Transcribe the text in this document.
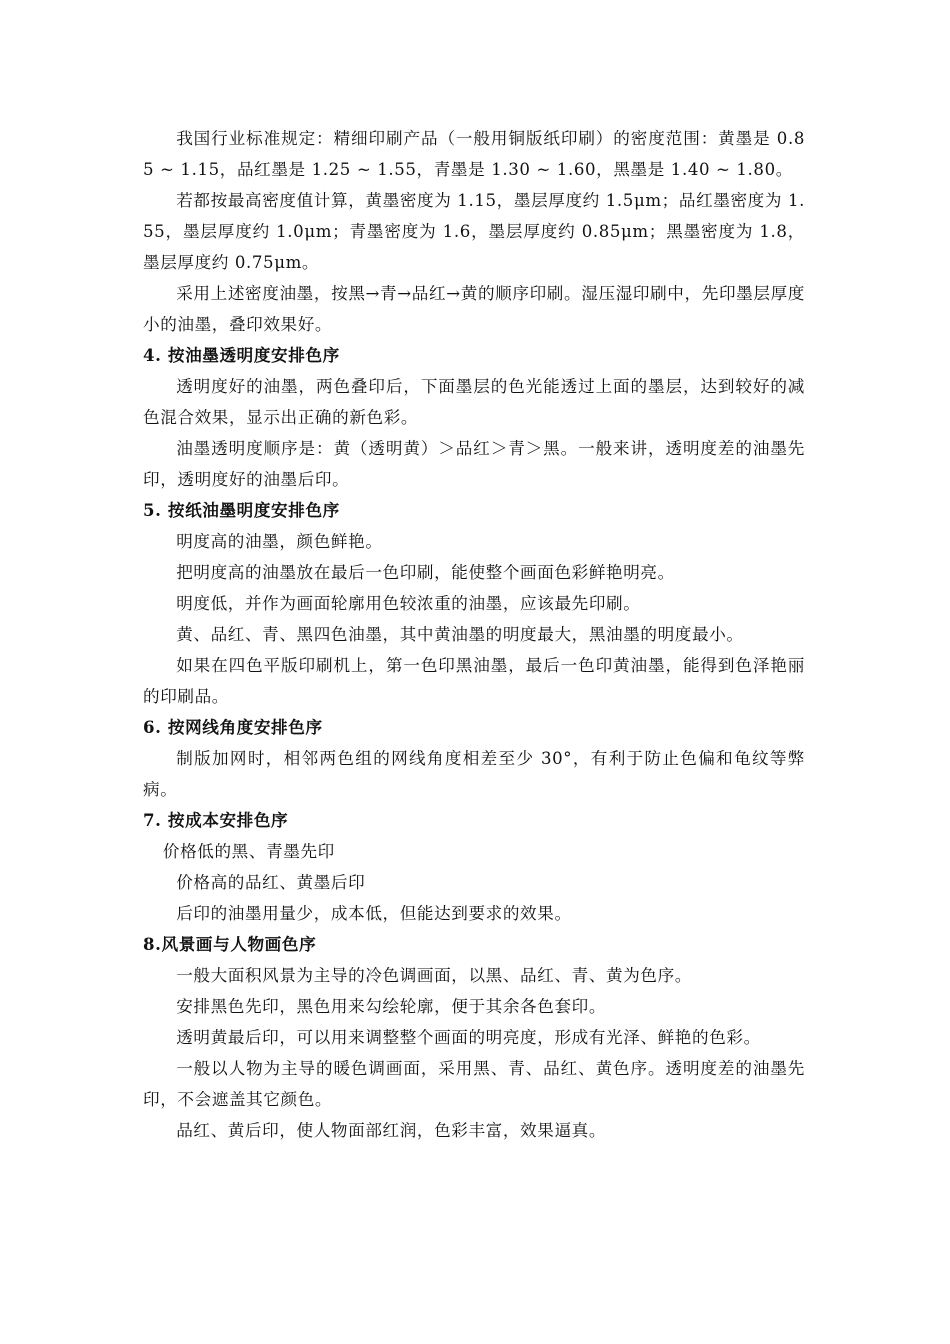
我国行业标准规定：精细印刷产品（一般用铜版纸印刷）的密度范围：黄墨是 0.85 ~ 1.15，品红墨是 1.25 ~ 1.55，青墨是 1.30 ~ 1.60，黑墨是 1.40 ~ 1.80。

若都按最高密度值计算，黄墨密度为 1.15，墨层厚度约 1.5μm；品红墨密度为 1.55，墨层厚度约 1.0μm；青墨密度为 1.6，墨层厚度约 0.85μm；黑墨密度为 1.8，墨层厚度约 0.75μm。

采用上述密度油墨，按黑→青→品红→黄的顺序印刷。湿压湿印刷中，先印墨层厚度小的油墨，叠印效果好。

4. 按油墨透明度安排色序

透明度好的油墨，两色叠印后，下面墨层的色光能透过上面的墨层，达到较好的减色混合效果，显示出正确的新色彩。

油墨透明度顺序是：黄（透明黄）＞品红＞青＞黑。一般来讲，透明度差的油墨先印，透明度好的油墨后印。

5. 按纸油墨明度安排色序

明度高的油墨，颜色鲜艳。

把明度高的油墨放在最后一色印刷，能使整个画面色彩鲜艳明亮。

明度低，并作为画面轮廓用色较浓重的油墨，应该最先印刷。

黄、品红、青、黑四色油墨，其中黄油墨的明度最大，黑油墨的明度最小。

如果在四色平版印刷机上，第一色印黑油墨，最后一色印黄油墨，能得到色泽艳丽的印刷品。

6. 按网线角度安排色序

制版加网时，相邻两色组的网线角度相差至少 30°，有利于防止色偏和龟纹等弊病。

7. 按成本安排色序

价格低的黑、青墨先印

价格高的品红、黄墨后印

后印的油墨用量少，成本低，但能达到要求的效果。

8.风景画与人物画色序

一般大面积风景为主导的冷色调画面，以黑、品红、青、黄为色序。

安排黑色先印，黑色用来勾绘轮廓，便于其余各色套印。

透明黄最后印，可以用来调整整个画面的明亮度，形成有光泽、鲜艳的色彩。

一般以人物为主导的暖色调画面，采用黑、青、品红、黄色序。透明度差的油墨先印，不会遮盖其它颜色。

品红、黄后印，使人物面部红润，色彩丰富，效果逼真。
